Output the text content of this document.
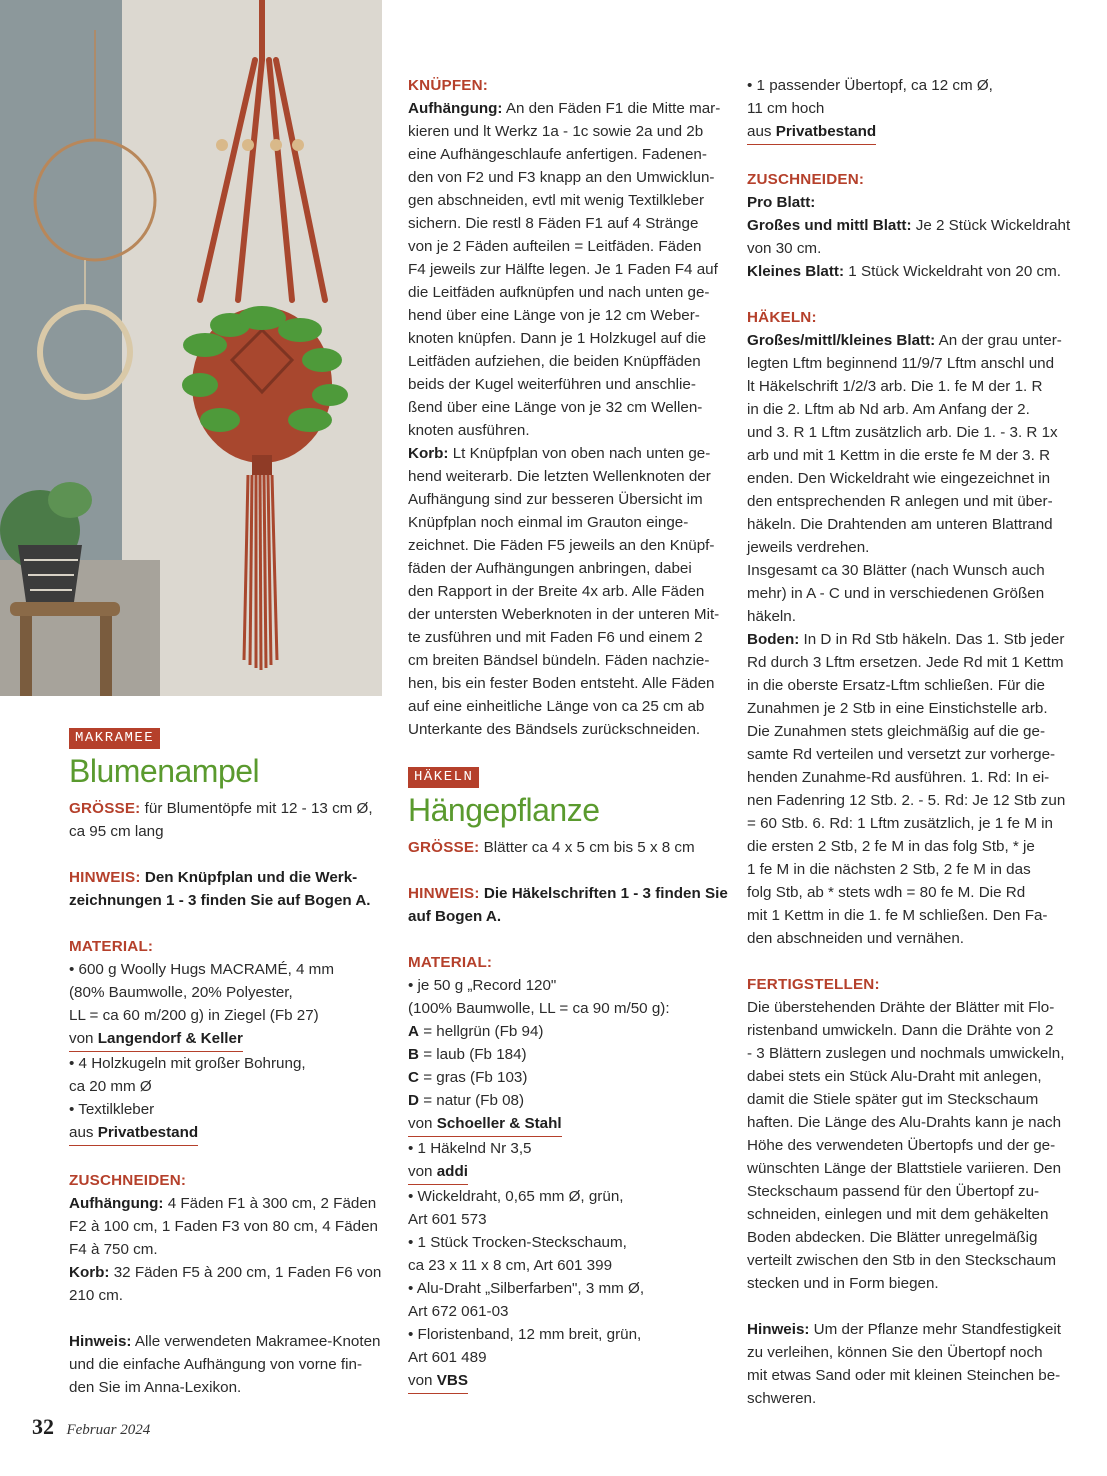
MAKRAMEE
Blumenampel

GRÖSSE: für Blumentöpfe mit 12 - 13 cm Ø,

ca 95 cm lang

HINWEIS: Den Knüpfplan und die Werk-

zeichnungen 1 - 3 finden Sie auf Bogen A.

MATERIAL:

• 600 g Woolly Hugs MACRAMÉ, 4 mm

(80% Baumwolle, 20% Polyester,

LL = ca 60 m/200 g) in Ziegel (Fb 27)

von Langendorf & Keller

• 4 Holzkugeln mit großer Bohrung,

ca 20 mm Ø

• Textilkleber

aus Privatbestand

ZUSCHNEIDEN:

Aufhängung: 4 Fäden F1 à 300 cm, 2 Fäden

F2 à 100 cm, 1 Faden F3 von 80 cm, 4 Fäden

F4 à 750 cm.

Korb: 32 Fäden F5 à 200 cm, 1 Faden F6 von

210 cm.

Hinweis: Alle verwendeten Makramee-Knoten

und die einfache Aufhängung von vorne fin-

den Sie im Anna-Lexikon.

KNÜPFEN:

Aufhängung: An den Fäden F1 die Mitte mar-

kieren und lt Werkz 1a - 1c sowie 2a und 2b

eine Aufhängeschlaufe anfertigen. Fadenen-

den von F2 und F3 knapp an den Umwicklun-

gen abschneiden, evtl mit wenig Textilkleber

sichern. Die restl 8 Fäden F1 auf 4 Stränge

von je 2 Fäden aufteilen = Leitfäden. Fäden

F4 jeweils zur Hälfte legen. Je 1 Faden F4 auf

die Leitfäden aufknüpfen und nach unten ge-

hend über eine Länge von je 12 cm Weber-

knoten knüpfen. Dann je 1 Holzkugel auf die

Leitfäden aufziehen, die beiden Knüpffäden

beids der Kugel weiterführen und anschlie-

ßend über eine Länge von je 32 cm Wellen-

knoten ausführen.

Korb: Lt Knüpfplan von oben nach unten ge-

hend weiterarb. Die letzten Wellenknoten der

Aufhängung sind zur besseren Übersicht im

Knüpfplan noch einmal im Grauton einge-

zeichnet. Die Fäden F5 jeweils an den Knüpf-

fäden der Aufhängungen anbringen, dabei

den Rapport in der Breite 4x arb. Alle Fäden

der untersten Weberknoten in der unteren Mit-

te zusführen und mit Faden F6 und einem 2

cm breiten Bändsel bündeln. Fäden nachzie-

hen, bis ein fester Boden entsteht. Alle Fäden

auf eine einheitliche Länge von ca 25 cm ab

Unterkante des Bändsels zurückschneiden.

HÄKELN
Hängepflanze

GRÖSSE: Blätter ca 4 x 5 cm bis 5 x 8 cm

HINWEIS: Die Häkelschriften 1 - 3 finden Sie

auf Bogen A.

MATERIAL:

• je 50 g „Record 120"

(100% Baumwolle, LL = ca 90 m/50 g):

A = hellgrün (Fb 94)

B = laub (Fb 184)

C = gras (Fb 103)

D = natur (Fb 08)

von Schoeller & Stahl

• 1 Häkelnd Nr 3,5

von addi

• Wickeldraht, 0,65 mm Ø, grün,

Art 601 573

• 1 Stück Trocken-Steckschaum,

ca 23 x 11 x 8 cm, Art 601 399

• Alu-Draht „Silberfarben", 3 mm Ø,

Art 672 061-03

• Floristenband, 12 mm breit, grün,

Art 601 489

von VBS

• 1 passender Übertopf, ca 12 cm Ø,

11 cm hoch

aus Privatbestand

ZUSCHNEIDEN:

Pro Blatt:

Großes und mittl Blatt: Je 2 Stück Wickeldraht

von 30 cm.

Kleines Blatt: 1 Stück Wickeldraht von 20 cm.

HÄKELN:

Großes/mittl/kleines Blatt: An der grau unter-

legten Lftm beginnend 11/9/7 Lftm anschl und

lt Häkelschrift 1/2/3 arb. Die 1. fe M der 1. R

in die 2. Lftm ab Nd arb. Am Anfang der 2.

und 3. R 1 Lftm zusätzlich arb. Die 1. - 3. R 1x

arb und mit 1 Kettm in die erste fe M der 3. R

enden. Den Wickeldraht wie eingezeichnet in

den entsprechenden R anlegen und mit über-

häkeln. Die Drahtenden am unteren Blattrand

jeweils verdrehen.

Insgesamt ca 30 Blätter (nach Wunsch auch

mehr) in A - C und in verschiedenen Größen

häkeln.

Boden: In D in Rd Stb häkeln. Das 1. Stb jeder

Rd durch 3 Lftm ersetzen. Jede Rd mit 1 Kettm

in die oberste Ersatz-Lftm schließen. Für die

Zunahmen je 2 Stb in eine Einstichstelle arb.

Die Zunahmen stets gleichmäßig auf die ge-

samte Rd verteilen und versetzt zur vorherge-

henden Zunahme-Rd ausführen. 1. Rd: In ei-

nen Fadenring 12 Stb. 2. - 5. Rd: Je 12 Stb zun

= 60 Stb. 6. Rd: 1 Lftm zusätzlich, je 1 fe M in

die ersten 2 Stb, 2 fe M in das folg Stb, * je

1 fe M in die nächsten 2 Stb, 2 fe M in das

folg Stb, ab * stets wdh = 80 fe M. Die Rd

mit 1 Kettm in die 1. fe M schließen. Den Fa-

den abschneiden und vernähen.

FERTIGSTELLEN:

Die überstehenden Drähte der Blätter mit Flo-

ristenband umwickeln. Dann die Drähte von 2

- 3 Blättern zuslegen und nochmals umwickeln,

dabei stets ein Stück Alu-Draht mit anlegen,

damit die Stiele später gut im Steckschaum

haften. Die Länge des Alu-Drahts kann je nach

Höhe des verwendeten Übertopfs und der ge-

wünschten Länge der Blattstiele variieren. Den

Steckschaum passend für den Übertopf zu-

schneiden, einlegen und mit dem gehäkelten

Boden abdecken. Die Blätter unregelmäßig

verteilt zwischen den Stb in den Steckschaum

stecken und in Form biegen.

Hinweis: Um der Pflanze mehr Standfestigkeit

zu verleihen, können Sie den Übertopf noch

mit etwas Sand oder mit kleinen Steinchen be-

schweren.

32 Februar 2024
